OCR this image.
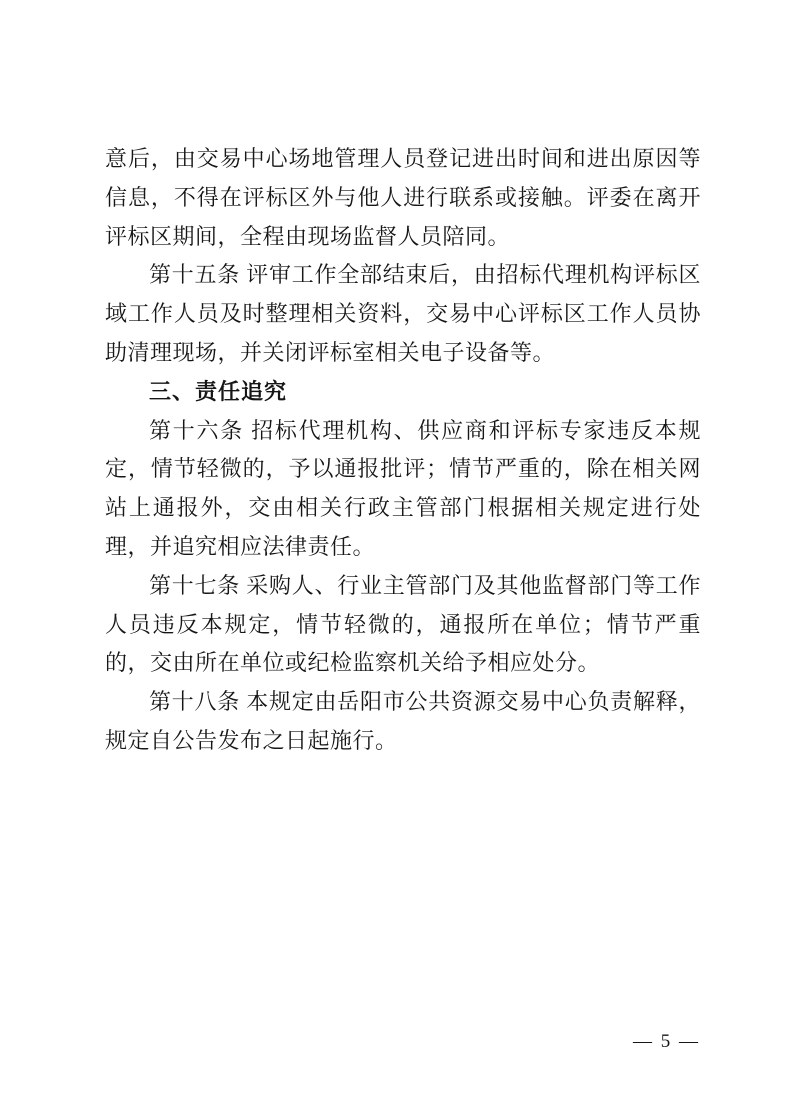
意后，由交易中心场地管理人员登记进出时间和进出原因等信息，不得在评标区外与他人进行联系或接触。评委在离开评标区期间，全程由现场监督人员陪同。

第十五条 评审工作全部结束后，由招标代理机构评标区域工作人员及时整理相关资料，交易中心评标区工作人员协助清理现场，并关闭评标室相关电子设备等。

三、责任追究

第十六条 招标代理机构、供应商和评标专家违反本规定，情节轻微的，予以通报批评；情节严重的，除在相关网站上通报外，交由相关行政主管部门根据相关规定进行处理，并追究相应法律责任。

第十七条 采购人、行业主管部门及其他监督部门等工作人员违反本规定，情节轻微的，通报所在单位；情节严重的，交由所在单位或纪检监察机关给予相应处分。

第十八条 本规定由岳阳市公共资源交易中心负责解释，规定自公告发布之日起施行。

— 5 —
